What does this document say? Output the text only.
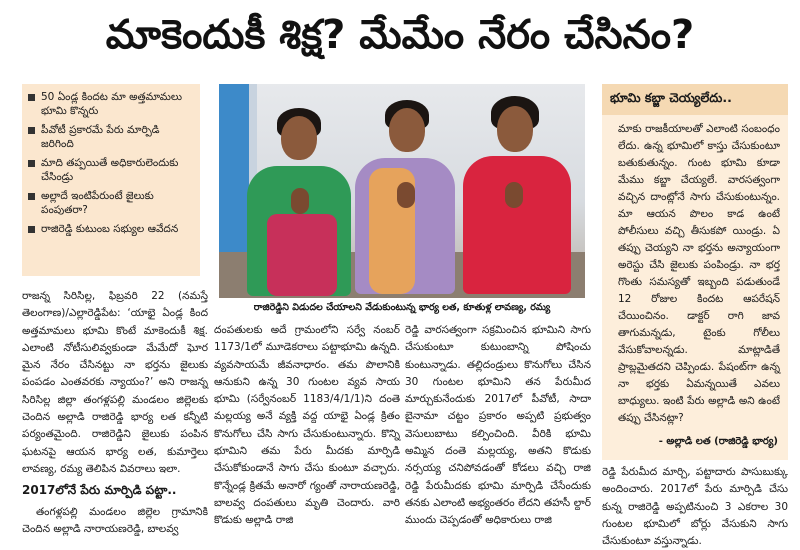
మాకెందుకీ శిక్ష? మేమేం నేరం చేసినం?
50 ఏండ్ల కిందట మా అత్తమామలు భూమి కొన్నరు
పీవోటీ ప్రకారమే పేరు మార్పిడి జరిగింది
మాది తప్పయితే అధికారులెందుకు చేసిండ్రు
అల్లాదే ఇంటిపేరుంటే జైలుకు పంపుతరా?
రాజిరెడ్డి కుటుంబ సభ్యుల ఆవేదన
రాజిరెడ్డిని విడుదల చేయాలని వేడుకుంటున్న భార్య లత, కూతుళ్ల లావణ్య, రమ్య
రాజన్న సిరిసిల్ల, ఫిబ్రవరి 22 (నమస్తే తెలంగాణ)/ఎల్లారెడ్డిపేట: ‘యాభై ఏండ్ల కింద అత్తమామలు భూమి కొంటే మాకెందుకీ శిక్ష. ఎలాంటి నోటీసులివ్వకుండా మేమేదో ఘోర మైన నేరం చేసినట్టు నా భర్తను జైలుకు పంపడం ఎంతవరకు న్యాయం?’ అని రాజన్న సిరిసిల్ల జిల్లా తంగళ్లపల్లి మండలం జిల్లెలకు చెందిన అల్లాడి రాజిరెడ్డి భార్య లత కన్నీటి పర్యంతమైంది. రాజిరెడ్డిని జైలుకు పంపిన ఘటనపై ఆయన భార్య లత, కుమార్తెలు లావణ్య, రమ్య తెలిపిన వివరాలు ఇలా.
2017లోనే పేరు మార్పిడి పట్టా..
తంగళ్లపల్లి మండలం జిల్లెల గ్రామానికి చెందిన అల్లాడి నారాయణరెడ్డి, బాలవ్వ
దంపతులకు అదే గ్రామంలోని సర్వే నంబర్ 1173/1లో మూడెకరాలు పట్టాభూమి ఉన్నది. వ్యవసాయమే జీవనాధారం. తమ పొలానికి ఆనుకుని ఉన్న 30 గుంటల వ్యవ సాయ భూమి (సర్వేనంబర్ 1183/4/1/1)ని దంతె మల్లయ్య అనే వ్యక్తి వద్ద యాభై ఏండ్ల క్రితం కొనుగోలు చేసి సాగు చేసుకుంటున్నారు. కొన్ని భూమిని తమ పేరు మీదకు మార్పిడి చేసుకోకుండానే సాగు చేసు కుంటూ వచ్చారు. కొన్నేండ్ల క్రితమే అనారో గ్యంతో నారాయణరెడ్డి, బాలవ్వ దంపతులు మృతి చెందారు. వారి కొడుకు అల్లాడి రాజి
రెడ్డి వారసత్వంగా సక్రమించిన భూమిని సాగు చేసుకుంటూ కుటుంబాన్ని పోషించు కుంటున్నాడు. తల్లిదండ్రులు కొనుగోలు చేసిన 30 గుంటల భూమిని తన పేరుమీద మార్చుకునేందుకు 2017లో పీవోటీ, సాదా బైనామా చట్టం ప్రకారం అప్పటి ప్రభుత్వం వెసులుబాటు కల్పించింది. వీరికి భూమి అమ్మిన దంతె మల్లయ్య, అతని కొడుకు నర్సయ్య చనిపోవడంతో కోడలు వచ్చి రాజి రెడ్డి పేరుమీదకు భూమి మార్పిడి చేసేందుకు తనకు ఎలాంటి అభ్యంతరం లేదని తహసీ ల్దార్ ముందు చెప్పడంతో అధికారులు రాజి
భూమి కబ్జా చెయ్యలేదు..
మాకు రాజకీయాలతో ఎలాంటి సంబంధం లేదు. ఉన్న భూమిలో కాస్తు చేసుకుంటూ బతుకుతున్నం. గుంట భూమి కూడా మేము కబ్జా చేయ్యలే. వారసత్వంగా వచ్చిన దాంట్లోనే సాగు చేసుకుంటున్నం. మా ఆయన పొలం కాడ ఉంటే పోలీసులు వచ్చి తీసుకపో యిండ్రు. ఏ తప్పు చెయ్యని నా భర్తను అన్యాయంగా అరెస్టు చేసి జైలుకు పంపిండ్రు. నా భర్త గొంతు సమస్యతో ఇబ్బంది పడుతుండే 12 రోజుల కిందట ఆపరేషన్ చేయించినం. డాక్టర్ రాగి జావ తాగుమన్నడు, టైంకు గోలీలు వేసుకోవాలన్నడు. మాట్లాడితే ప్రాబ్లమైతదని చెప్పిండు. పేషంట్‌గా ఉన్న నా భర్తకు ఏమన్నయితే ఎవలు బాధ్యులు. ఇంటి పేరు అల్లాడి అని ఉంటే తప్పు చేసినట్లా?
- అల్లాడి లత (రాజిరెడ్డి భార్య)
రెడ్డి పేరుమీద మార్చి, పట్టాదారు పాసుబుక్కు అందించారు. 2017లో పేరు మార్పిడి చేసు కున్న రాజిరెడ్డి అప్పటినుంచి 3 ఎకరాల 30 గుంటల భూమిలో బోర్లు వేసుకుని సాగు చేసుకుంటూ వస్తున్నాడు.
